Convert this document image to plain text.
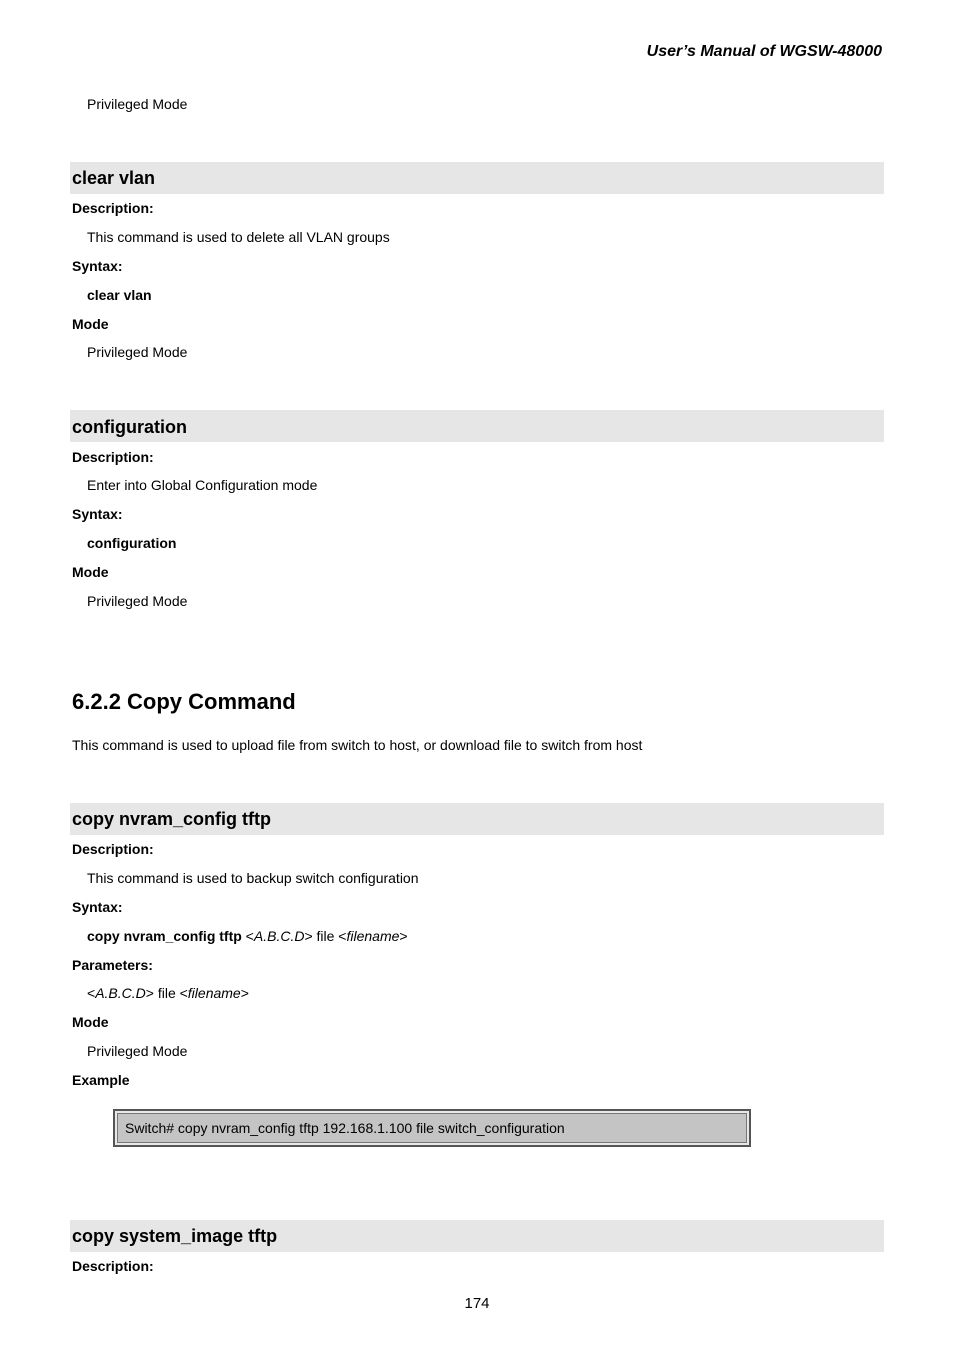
User’s Manual of WGSW-48000
Privileged Mode
clear vlan
Description:
This command is used to delete all VLAN groups
Syntax:
clear vlan
Mode
Privileged Mode
configuration
Description:
Enter into Global Configuration mode
Syntax:
configuration
Mode
Privileged Mode
6.2.2 Copy Command
This command is used to upload file from switch to host, or download file to switch from host
copy nvram_config tftp
Description:
This command is used to backup switch configuration
Syntax:
copy nvram_config tftp <A.B.C.D> file <filename>
Parameters:
<A.B.C.D> file <filename>
Mode
Privileged Mode
Example
Switch# copy nvram_config tftp 192.168.1.100 file switch_configuration
copy system_image tftp
Description:
174
